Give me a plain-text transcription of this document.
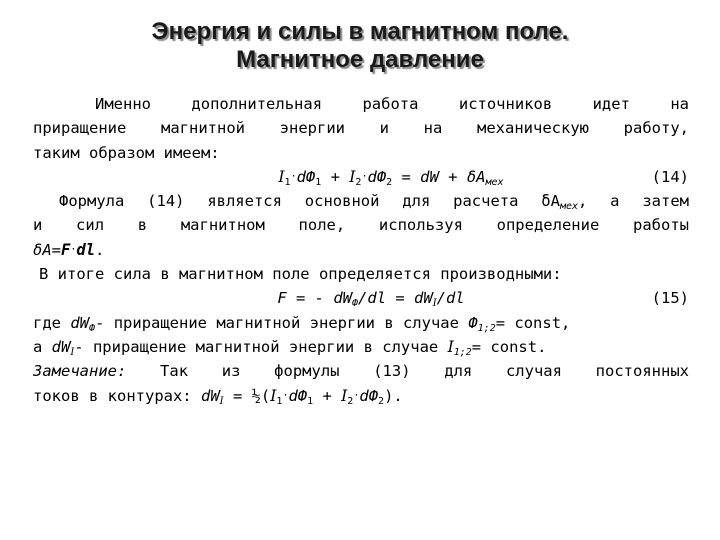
Энергия и силы в магнитном поле.
Магнитное давление
Именно дополнительная работа источников идет на
приращение магнитной энергии и на механическую работу,
таким образом имеем:
$I_1\cdot dФ_1 + I_2\cdot dФ_2$ = dW + $\delta A_{мех}$	(14)
Формула (14) является основной для расчета $\delta A_{мех}$, а затем
и сил в магнитном поле, используя определение работы
δA=F·dl.
В итоге сила в магнитном поле определяется производными:
F = - $dW_Ф/dl = dW_I/dl$	(15)
где $dW_Ф-$ приращение магнитной энергии в случае $Ф_{1;2}=$ const,
а $dW_I-$ приращение магнитной энергии в случае $I_{1;2}=$ const.
Замечание: Так из формулы (13) для случая постоянных
токов в контурах: $dW_I$ = $\frac{1}{2}(I_1\cdot dФ_1 + I_2\cdot dФ_2)$.
